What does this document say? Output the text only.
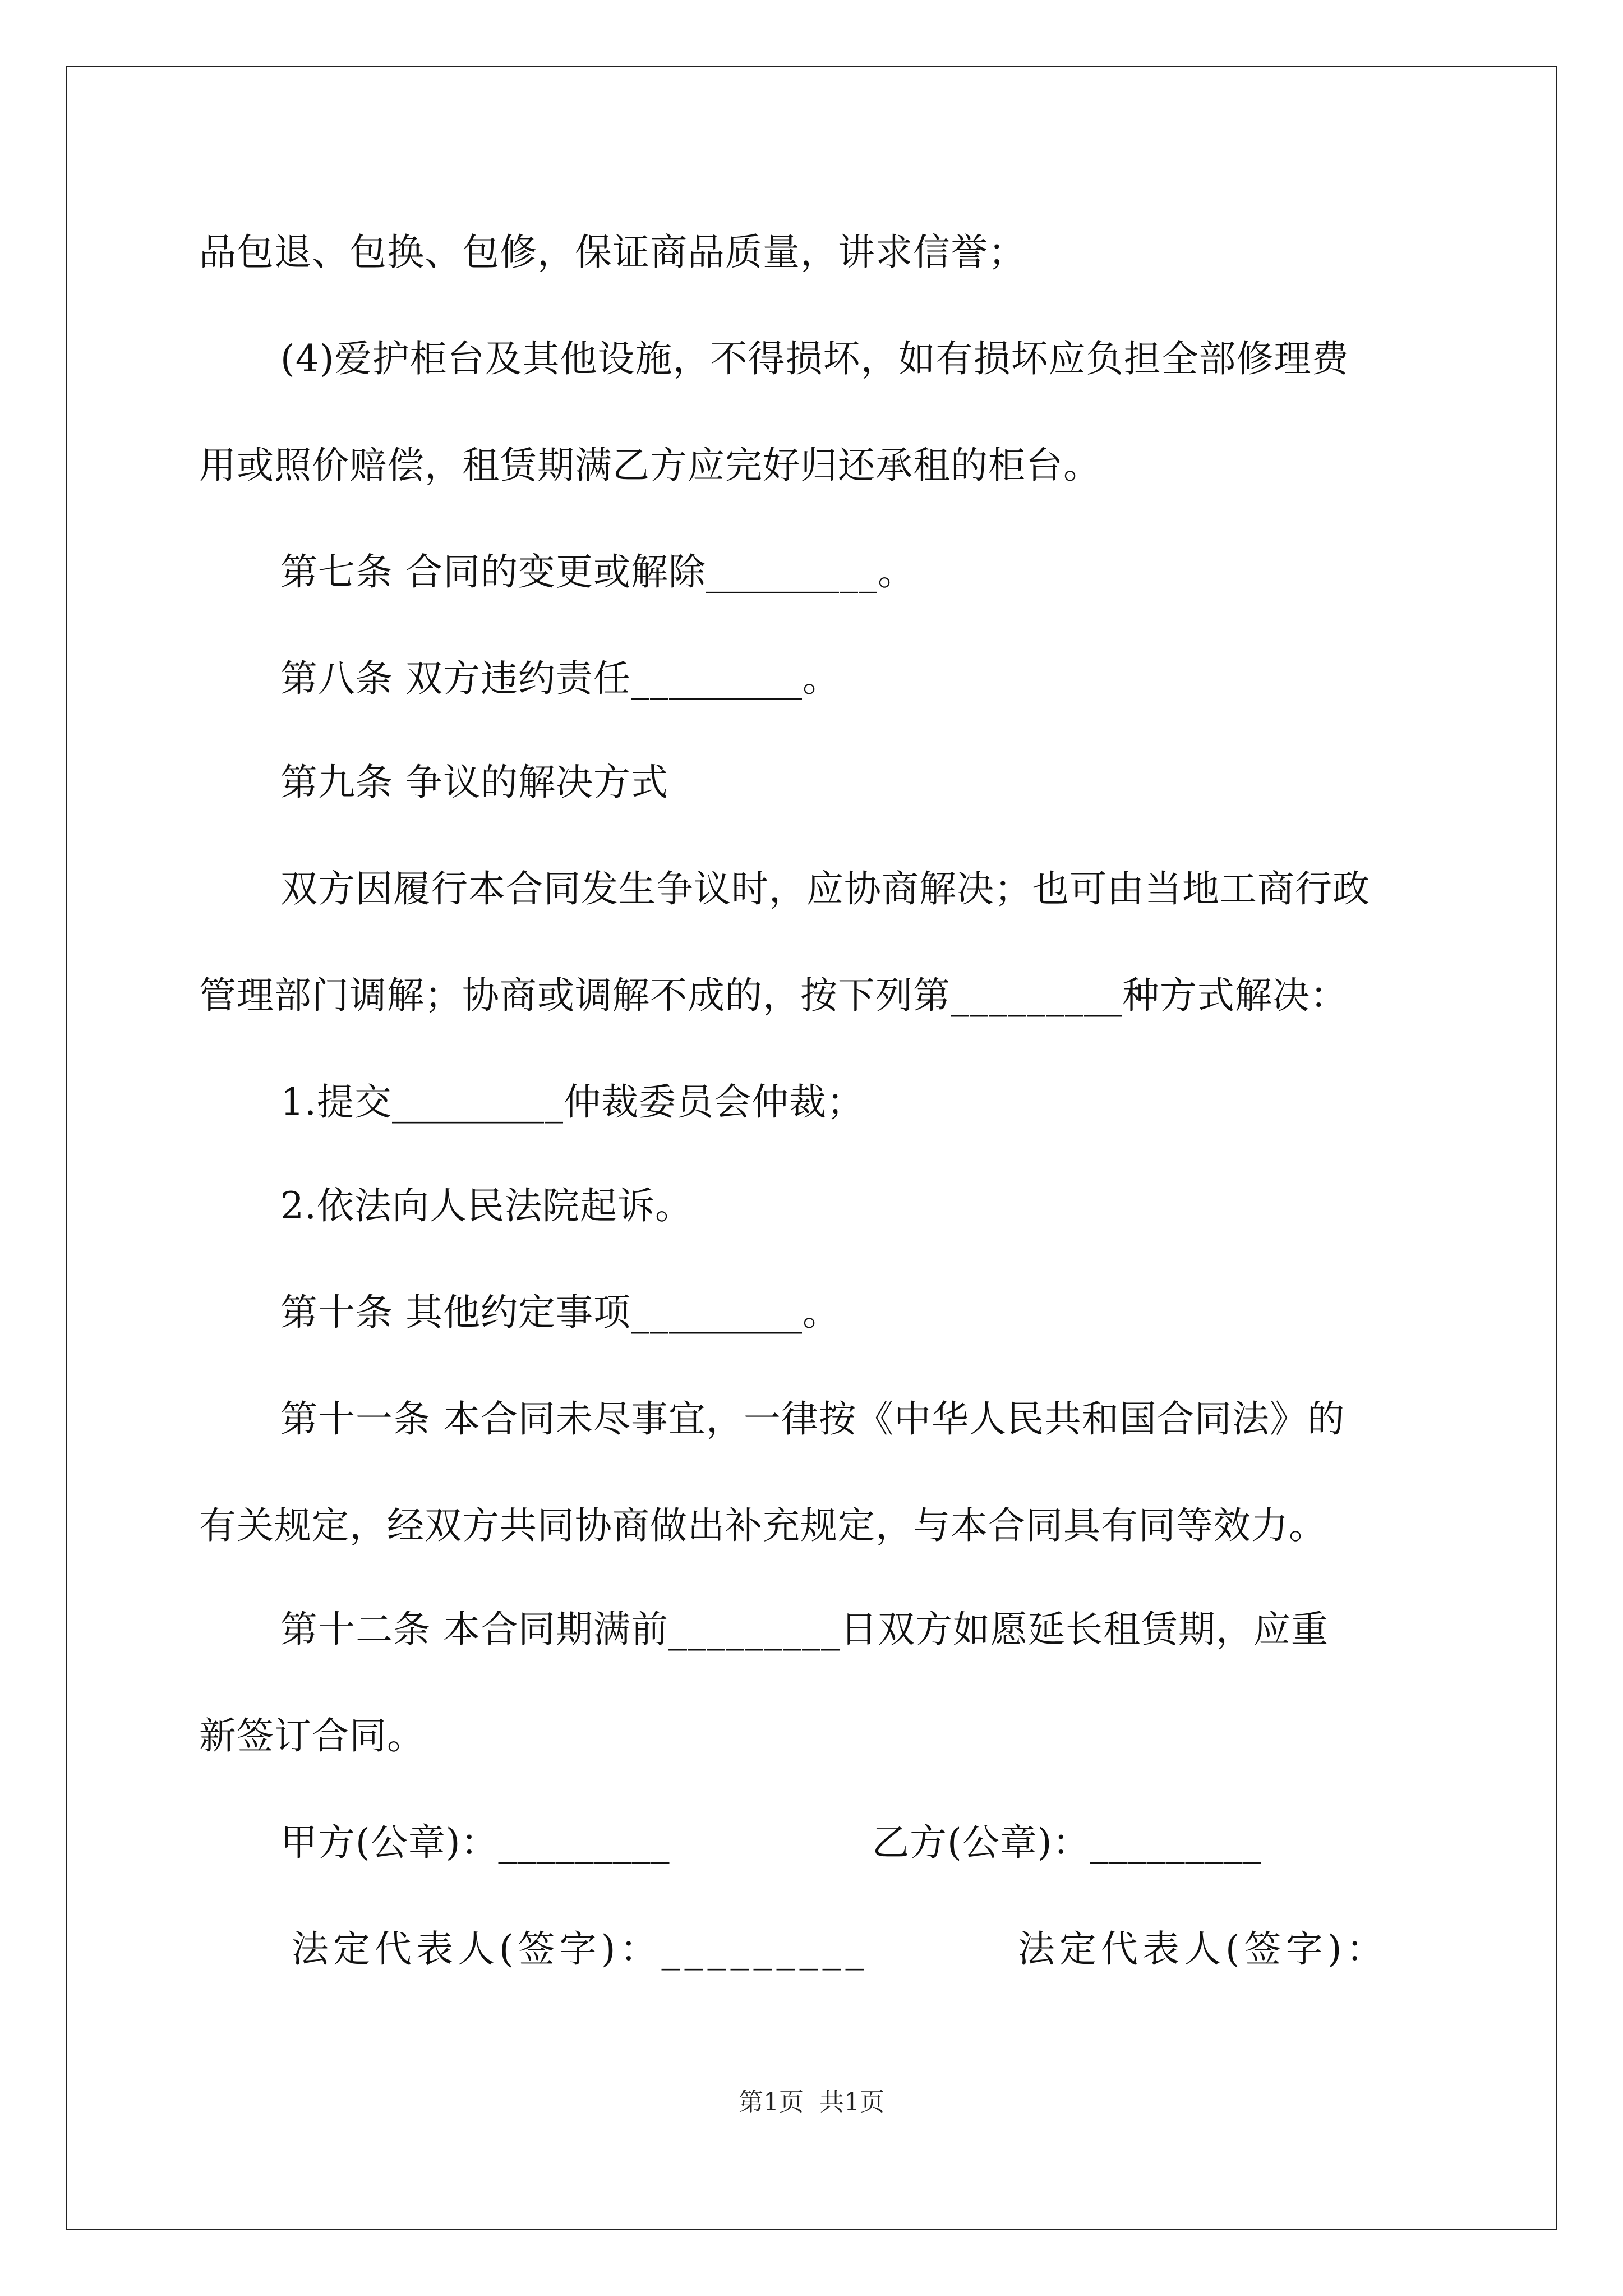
品包退、包换、包修，保证商品质量，讲求信誉；
(4)爱护柜台及其他设施，不得损坏，如有损坏应负担全部修理费
用或照价赔偿，租赁期满乙方应完好归还承租的柜台。
第七条 合同的变更或解除_________。
第八条 双方违约责任_________。
第九条 争议的解决方式
双方因履行本合同发生争议时，应协商解决；也可由当地工商行政
管理部门调解；协商或调解不成的，按下列第_________种方式解决：
1.提交_________仲裁委员会仲裁；
2.依法向人民法院起诉。
第十条 其他约定事项_________。
第十一条 本合同未尽事宜，一律按《中华人民共和国合同法》的
有关规定，经双方共同协商做出补充规定，与本合同具有同等效力。
第十二条 本合同期满前_________日双方如愿延长租赁期，应重
新签订合同。
甲方(公章)：_________	乙方(公章)：_________
法定代表人(签字)：_________	法定代表人(签字)：
第1页  共1页
